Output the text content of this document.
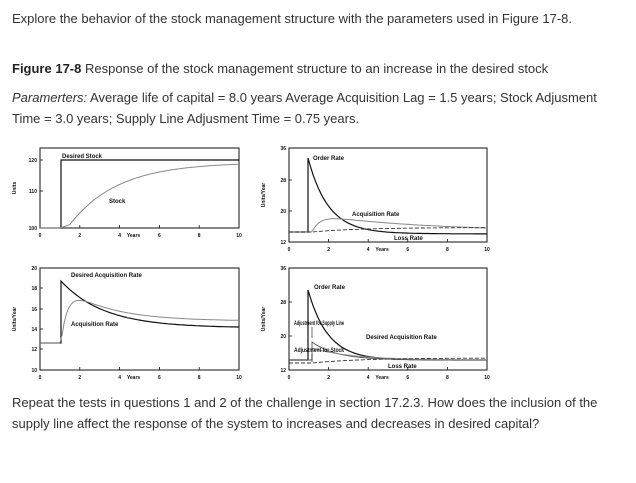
Explore the behavior of the stock management structure with the parameters used in Figure 17-8.

Figure 17-8 Response of the stock management structure to an increase in the desired stock

Paramerters: Average life of capital = 8.0 years Average Acquisition Lag = 1.5 years; Stock Adjusment Time = 3.0 years; Supply Line Adjusment Time = 0.75 years.

120
110
100
0	2	4	6	8	10
Years
Units
Desired Stock
Stock
36
28
20
12
0	2	4	6	8	10
Years
Units/Year
Order Rate
Acquisition Rate
Loss Rate
20
18
16
14
12
10
0	2	4	6	8	10
Years
Units/Year
Desired Acquisition Rate
Acquisition Rate
36
28
20
12
0	2	4	6	8	10
Years
Units/Year
Order Rate
Adjustment for Supply Line
Desired Acquisition Rate
Adjustment for Stock
Loss Rate

Repeat the tests in questions 1 and 2 of the challenge in section 17.2.3. How does the inclusion of the supply line affect the response of the system to increases and decreases in desired capital?
